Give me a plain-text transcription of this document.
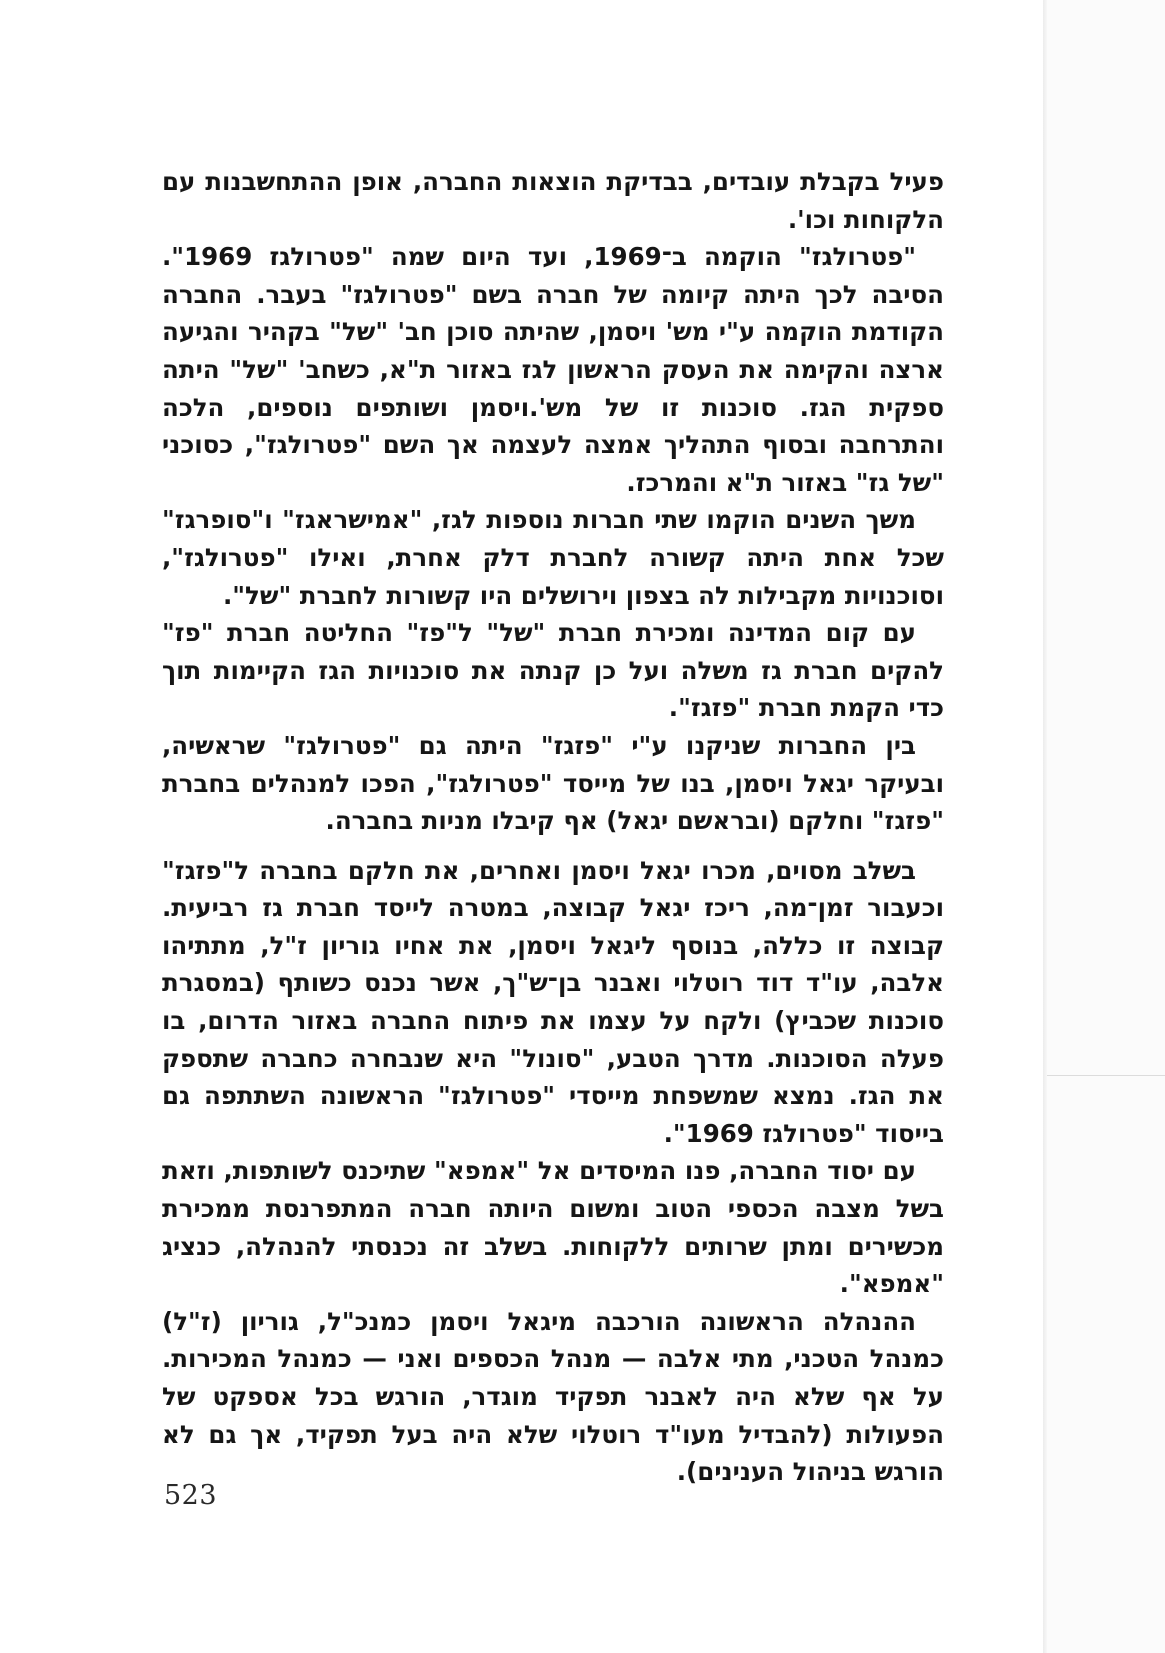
פעיל בקבלת עובדים, בבדיקת הוצאות החברה, אופן ההתחשבנות עם הלקוחות וכו'.

"פטרולגז" הוקמה ב־1969, ועד היום שמה "פטרולגז 1969". הסיבה לכך היתה קיומה של חברה בשם "פטרולגז" בעבר. החברה הקודמת הוקמה ע"י מש' ויסמן, שהיתה סוכן חב' "של" בקהיר והגיעה ארצה והקימה את העסק הראשון לגז באזור ת"א, כשחב' "של" היתה ספקית הגז. סוכנות זו של מש'.ויסמן ושותפים נוספים, הלכה והתרחבה ובסוף התהליך אמצה לעצמה אך השם "פטרולגז", כסוכני "של גז" באזור ת"א והמרכז.

משך השנים הוקמו שתי חברות נוספות לגז, "אמישראגז" ו"סופרגז" שכל אחת היתה קשורה לחברת דלק אחרת, ואילו "פטרולגז", וסוכנויות מקבילות לה בצפון וירושלים היו קשורות לחברת "של".

עם קום המדינה ומכירת חברת "של" ל"פז" החליטה חברת "פז" להקים חברת גז משלה ועל כן קנתה את סוכנויות הגז הקיימות תוך כדי הקמת חברת "פזגז".

בין החברות שניקנו ע"י "פזגז" היתה גם "פטרולגז" שראשיה, ובעיקר יגאל ויסמן, בנו של מייסד "פטרולגז", הפכו למנהלים בחברת "פזגז" וחלקם (ובראשם יגאל) אף קיבלו מניות בחברה.

בשלב מסוים, מכרו יגאל ויסמן ואחרים, את חלקם בחברה ל"פזגז" וכעבור זמן־מה, ריכז יגאל קבוצה, במטרה לייסד חברת גז רביעית. קבוצה זו כללה, בנוסף ליגאל ויסמן, את אחיו גוריון ז"ל, מתתיהו אלבה, עו"ד דוד רוטלוי ואבנר בן־ש"ך, אשר נכנס כשותף (במסגרת סוכנות שכביץ) ולקח על עצמו את פיתוח החברה באזור הדרום, בו פעלה הסוכנות. מדרך הטבע, "סונול" היא שנבחרה כחברה שתספק את הגז. נמצא שמשפחת מייסדי "פטרולגז" הראשונה השתתפה גם בייסוד "פטרולגז 1969".

עם יסוד החברה, פנו המיסדים אל "אמפא" שתיכנס לשותפות, וזאת בשל מצבה הכספי הטוב ומשום היותה חברה המתפרנסת ממכירת מכשירים ומתן שרותים ללקוחות. בשלב זה נכנסתי להנהלה, כנציג "אמפא".

ההנהלה הראשונה הורכבה מיגאל ויסמן כמנכ"ל, גוריון (ז"ל) כמנהל הטכני, מתי אלבה — מנהל הכספים ואני — כמנהל המכירות. על אף שלא היה לאבנר תפקיד מוגדר, הורגש בכל אספקט של הפעולות (להבדיל מעו"ד רוטלוי שלא היה בעל תפקיד, אך גם לא הורגש בניהול הענינים).

523
